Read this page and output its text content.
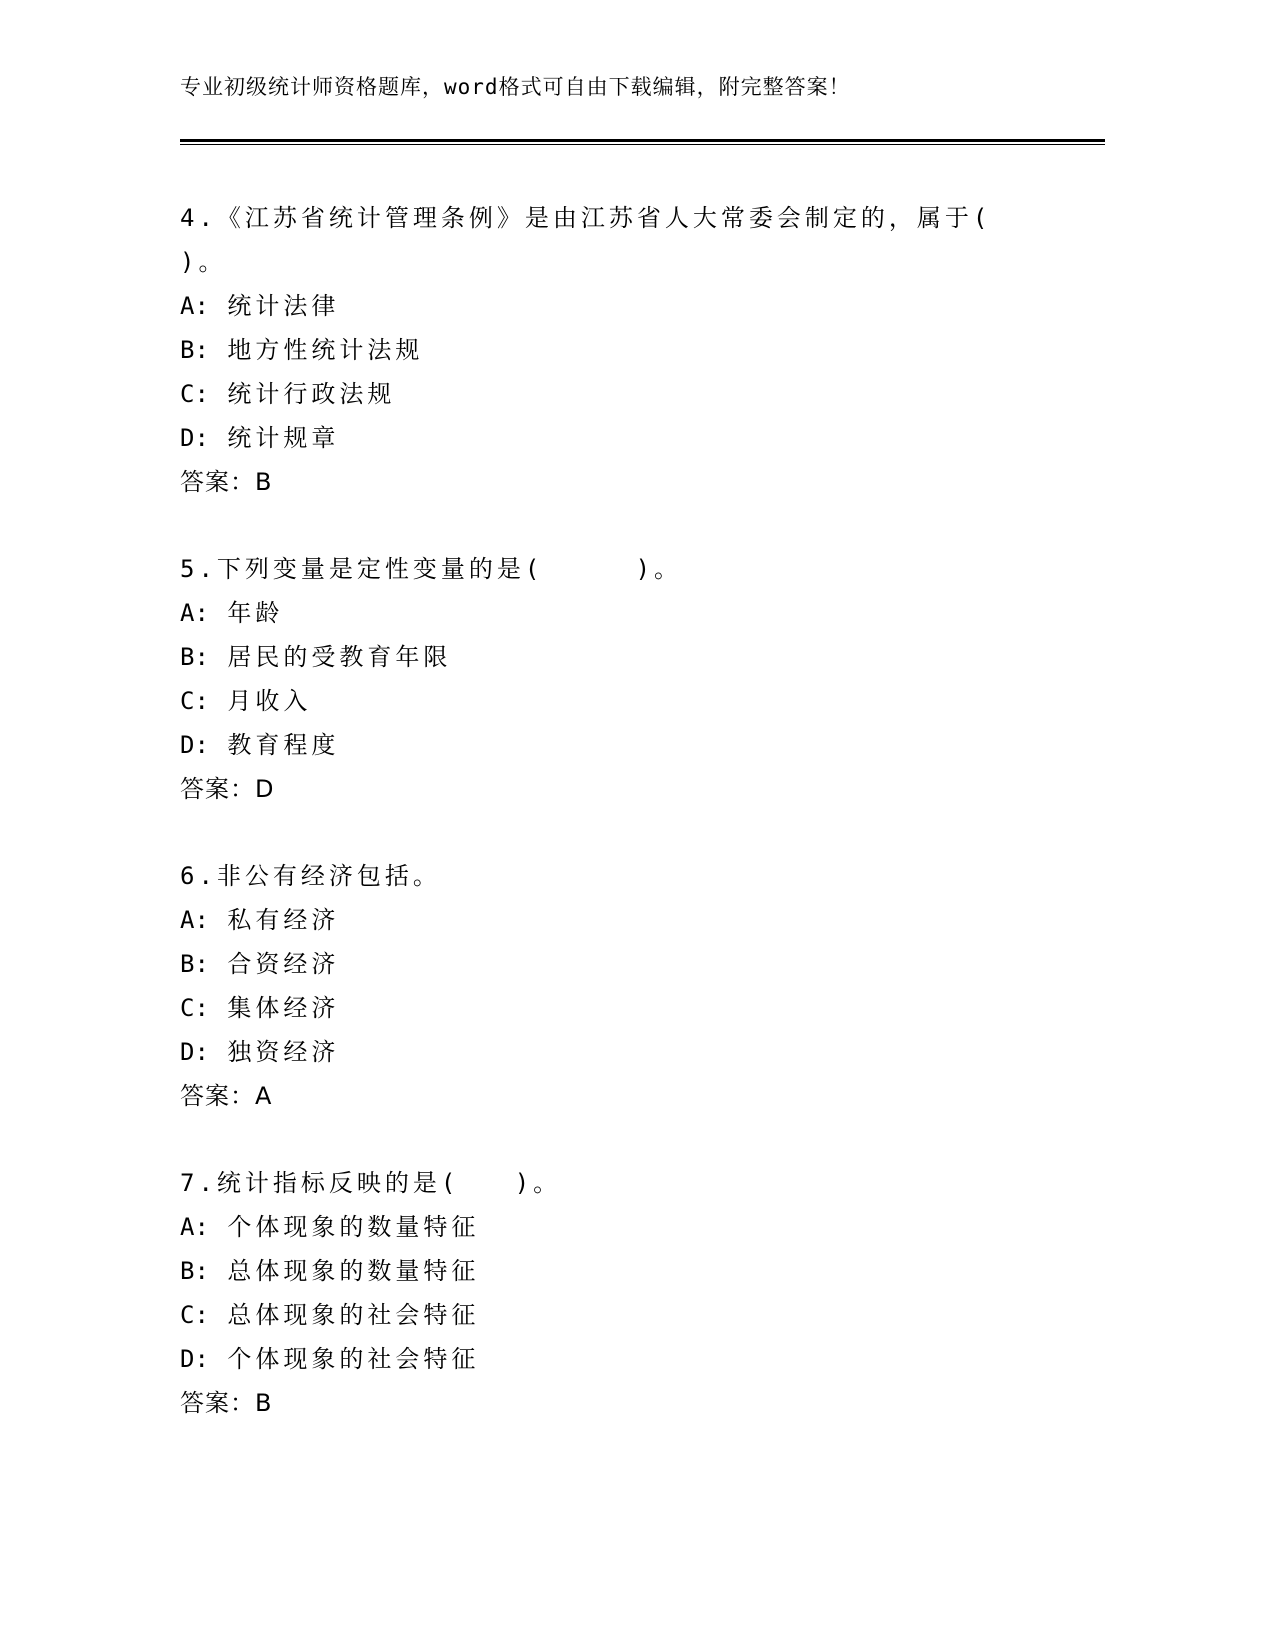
专业初级统计师资格题库，word格式可自由下载编辑，附完整答案！
4.《江苏省统计管理条例》是由江苏省人大常委会制定的，属于(
)。
A: 统计法律
B: 地方性统计法规
C: 统计行政法规
D: 统计规章
答案：B
5.下列变量是定性变量的是(     )。
A: 年龄
B: 居民的受教育年限
C: 月收入
D: 教育程度
答案：D
6.非公有经济包括。
A: 私有经济
B: 合资经济
C: 集体经济
D: 独资经济
答案：A
7.统计指标反映的是(   )。
A: 个体现象的数量特征
B: 总体现象的数量特征
C: 总体现象的社会特征
D: 个体现象的社会特征
答案：B
